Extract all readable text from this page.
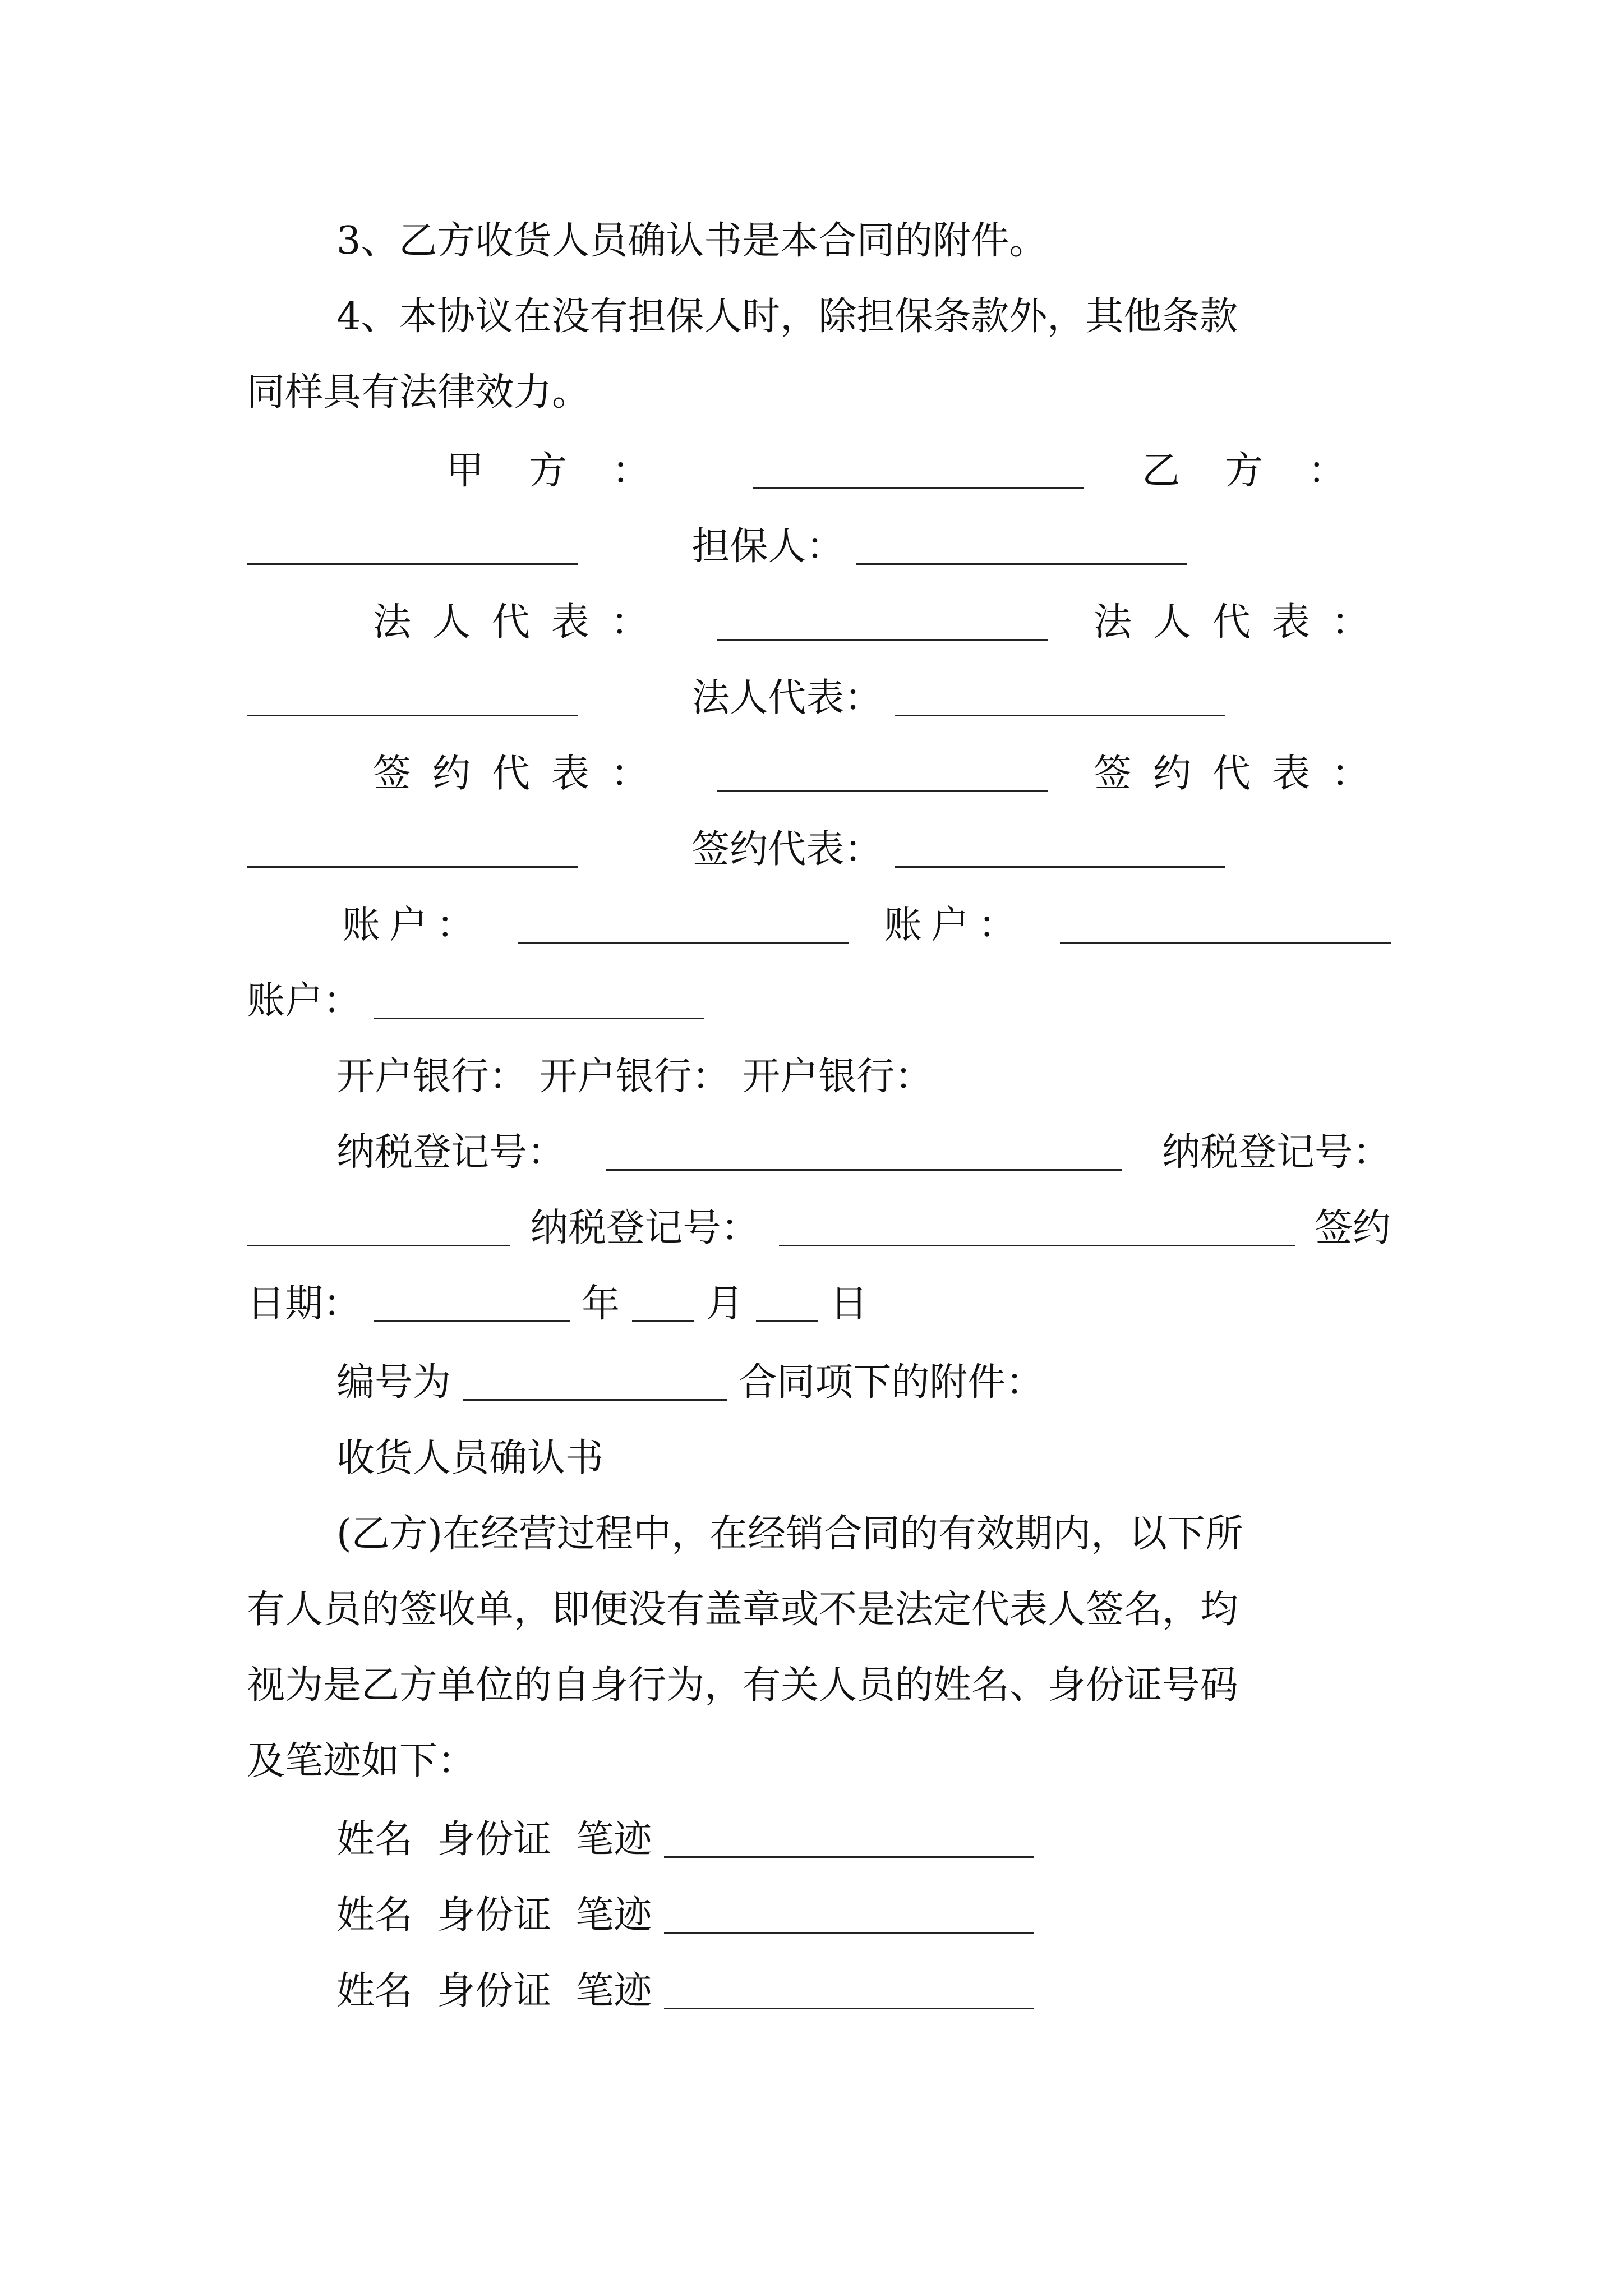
3、乙方收货人员确认书是本合同的附件。
4、本协议在没有担保人时，除担保条款外，其他条款
同样具有法律效力。
甲方：	乙方：
担保人：
法人代表：	法人代表：
法人代表：
签约代表：	签约代表：
签约代表：
账户：	账户：
账户：
开户银行： 开户银行： 开户银行：
纳税登记号：	纳税登记号：
纳税登记号：	签约
日期：	年 月 日
编号为	合同项下的附件：
收货人员确认书
(乙方)在经营过程中，在经销合同的有效期内，以下所
有人员的签收单，即便没有盖章或不是法定代表人签名，均
视为是乙方单位的自身行为，有关人员的姓名、身份证号码
及笔迹如下：
姓名  身份证  笔迹
姓名  身份证  笔迹
姓名  身份证  笔迹
